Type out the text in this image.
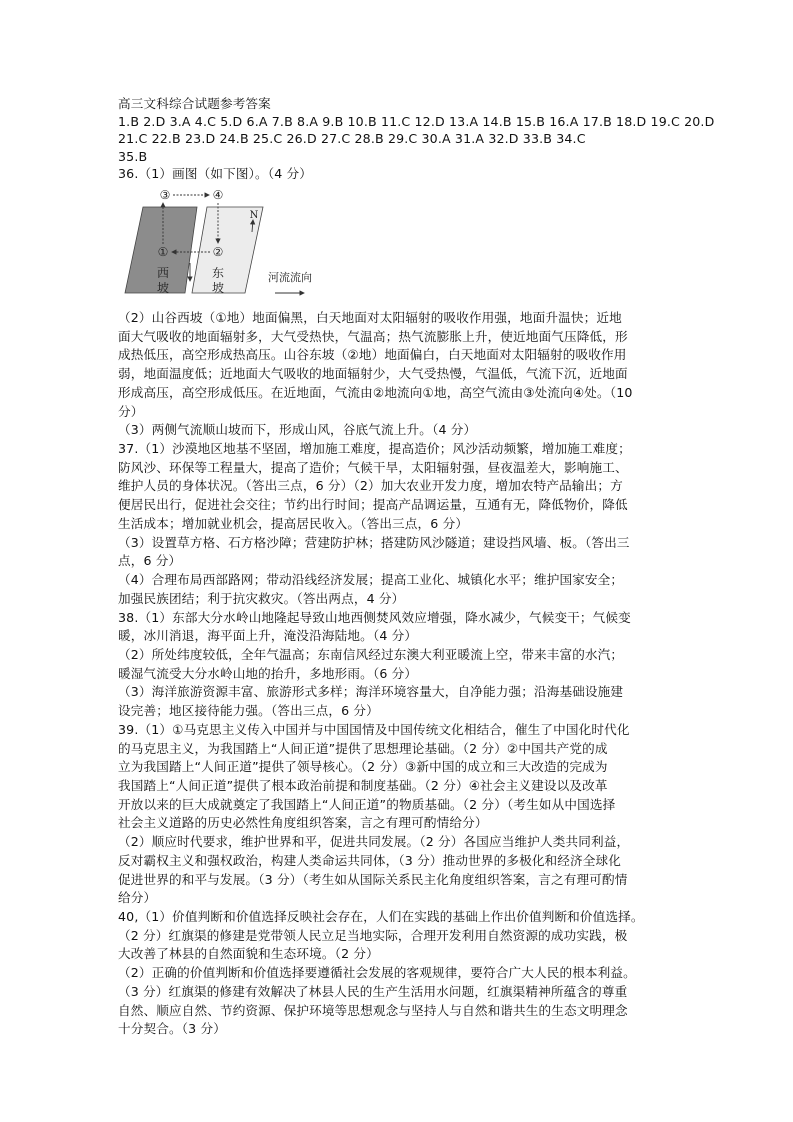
高三文科综合试题参考答案
1.B 2.D 3.A 4.C 5.D 6.A 7.B 8.A 9.B 10.B 11.C 12.D 13.A 14.B 15.B 16.A 17.B 18.D 19.C 20.D
21.C 22.B 23.D 24.B 25.C 26.D 27.C 28.B 29.C 30.A 31.A 32.D 33.B 34.C
35.B
36.（1）画图（如下图）。（4 分）
③	④
①	②
西
坡
东
坡
N
河流流向
（2）山谷西坡（①地）地面偏黑，白天地面对太阳辐射的吸收作用强，地面升温快；近地
面大气吸收的地面辐射多，大气受热快，气温高；热气流膨胀上升，使近地面气压降低，形
成热低压，高空形成热高压。山谷东坡（②地）地面偏白，白天地面对太阳辐射的吸收作用
弱，地面温度低；近地面大气吸收的地面辐射少，大气受热慢，气温低，气流下沉，近地面
形成高压，高空形成低压。在近地面，气流由②地流向①地，高空气流由③处流向④处。（10
分）
（3）两侧气流顺山坡而下，形成山风，谷底气流上升。（4 分）
37.（1）沙漠地区地基不坚固，增加施工难度，提高造价；风沙活动频繁，增加施工难度；
防风沙、环保等工程量大，提高了造价；气候干旱，太阳辐射强，昼夜温差大，影响施工、
维护人员的身体状况。（答出三点，6 分）（2）加大农业开发力度，增加农特产品输出；方
便居民出行，促进社会交往；节约出行时间；提高产品调运量，互通有无，降低物价，降低
生活成本；增加就业机会，提高居民收入。（答出三点，6 分）
（3）设置草方格、石方格沙障；营建防护林；搭建防风沙隧道；建设挡风墙、板。（答出三
点，6 分）
（4）合理布局西部路网；带动沿线经济发展；提高工业化、城镇化水平；维护国家安全；
加强民族团结；利于抗灾救灾。（答出两点，4 分）
38.（1）东部大分水岭山地隆起导致山地西侧焚风效应增强，降水减少，气候变干；气候变
暖，冰川消退，海平面上升，淹没沿海陆地。（4 分）
（2）所处纬度较低，全年气温高；东南信风经过东澳大利亚暖流上空，带来丰富的水汽；
暖湿气流受大分水岭山地的抬升，多地形雨。（6 分）
（3）海洋旅游资源丰富、旅游形式多样；海洋环境容量大，自净能力强；沿海基础设施建
设完善；地区接待能力强。（答出三点，6 分）
39.（1）①马克思主义传入中国并与中国国情及中国传统文化相结合，催生了中国化时代化
的马克思主义，为我国踏上“人间正道”提供了思想理论基础。（2 分）②中国共产党的成
立为我国踏上“人间正道”提供了领导核心。（2 分）③新中国的成立和三大改造的完成为
我国踏上“人间正道”提供了根本政治前提和制度基础。（2 分）④社会主义建设以及改革
开放以来的巨大成就奠定了我国踏上“人间正道”的物质基础。（2 分）（考生如从中国选择
社会主义道路的历史必然性角度组织答案，言之有理可酌情给分）
（2）顺应时代要求，维护世界和平，促进共同发展。（2 分）各国应当维护人类共同利益，
反对霸权主义和强权政治，构建人类命运共同体，（3 分）推动世界的多极化和经济全球化
促进世界的和平与发展。（3 分）（考生如从国际关系民主化角度组织答案，言之有理可酌情
给分）
40,（1）价值判断和价值选择反映社会存在，人们在实践的基础上作出价值判断和价值选择。
（2 分）红旗渠的修建是党带领人民立足当地实际，合理开发利用自然资源的成功实践，极
大改善了林县的自然面貌和生态环境。（2 分）
（2）正确的价值判断和价值选择要遵循社会发展的客观规律，要符合广大人民的根本利益。
（3 分）红旗渠的修建有效解决了林县人民的生产生活用水问题，红旗渠精神所蕴含的尊重
自然、顺应自然、节约资源、保护环境等思想观念与坚持人与自然和谐共生的生态文明理念
十分契合。（3 分）
